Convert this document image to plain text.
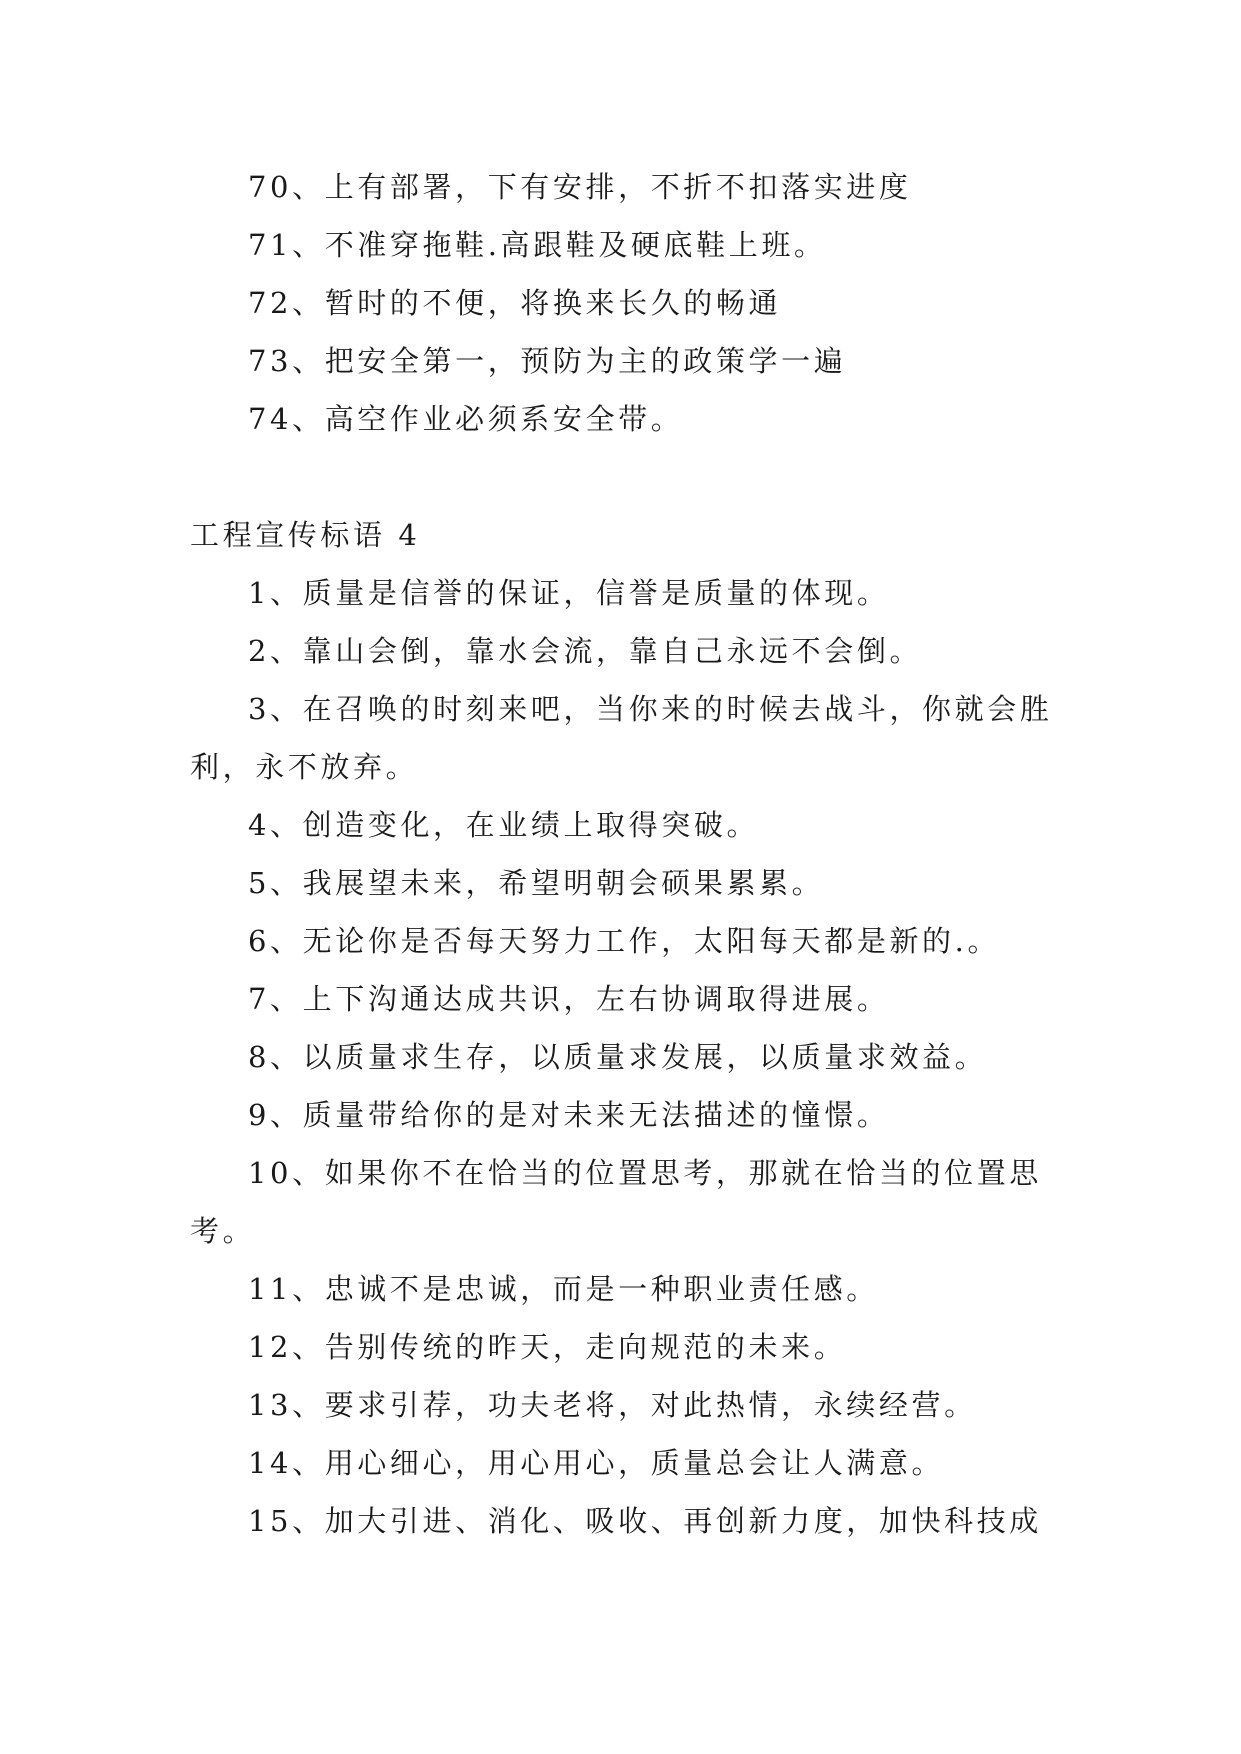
70、上有部署，下有安排，不折不扣落实进度

71、不准穿拖鞋.高跟鞋及硬底鞋上班。

72、暂时的不便，将换来长久的畅通

73、把安全第一，预防为主的政策学一遍

74、高空作业必须系安全带。

工程宣传标语 4

1、质量是信誉的保证，信誉是质量的体现。

2、靠山会倒，靠水会流，靠自己永远不会倒。

3、在召唤的时刻来吧，当你来的时候去战斗，你就会胜利，永不放弃。

4、创造变化，在业绩上取得突破。

5、我展望未来，希望明朝会硕果累累。

6、无论你是否每天努力工作，太阳每天都是新的.。

7、上下沟通达成共识，左右协调取得进展。

8、以质量求生存，以质量求发展，以质量求效益。

9、质量带给你的是对未来无法描述的憧憬。

10、如果你不在恰当的位置思考，那就在恰当的位置思考。

11、忠诚不是忠诚，而是一种职业责任感。

12、告别传统的昨天，走向规范的未来。

13、要求引荐，功夫老将，对此热情，永续经营。

14、用心细心，用心用心，质量总会让人满意。

15、加大引进、消化、吸收、再创新力度，加快科技成
